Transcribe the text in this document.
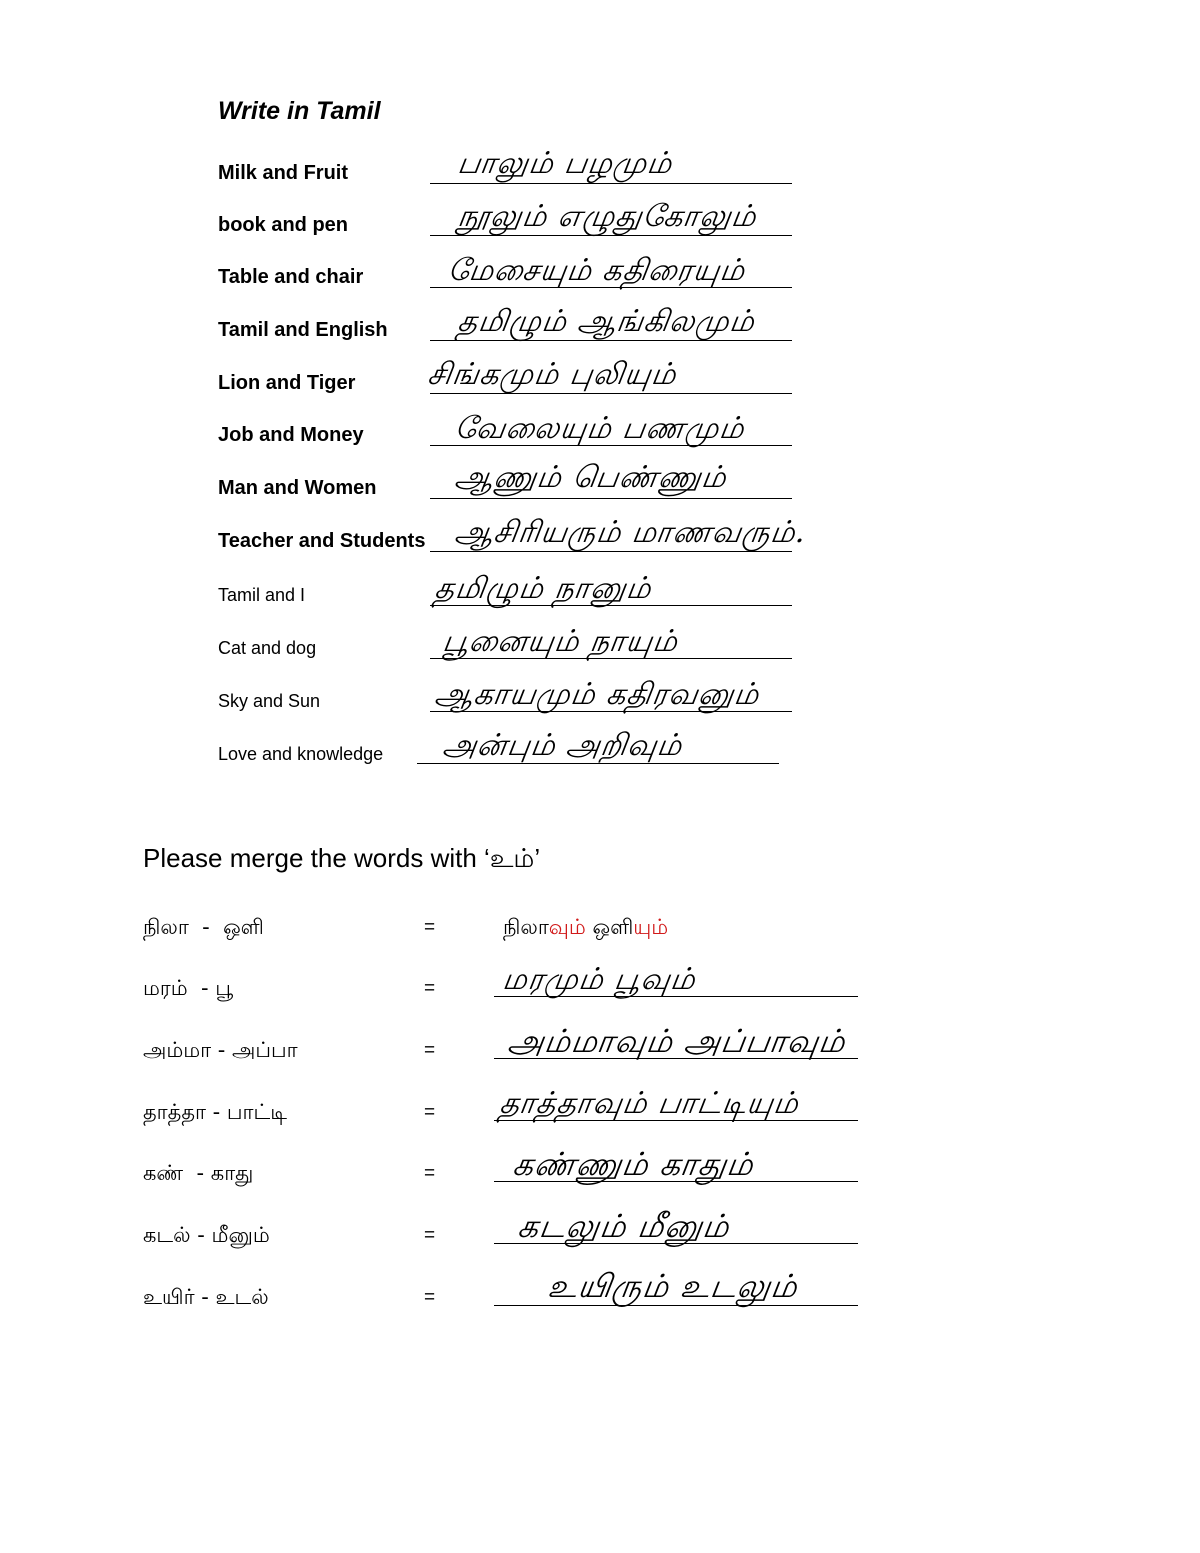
Write in Tamil
Milk and Fruit	பாலும் பழமும்
book and pen	நூலும் எழுதுகோலும்
Table and chair	மேசையும் கதிரையும்
Tamil and English தமிழும் ஆங்கிலமும்
Lion and Tiger சிங்கமும் புலியும்
Job and Money	வேலையும் பணமும்
Man and Women	ஆணும் பெண்ணும்
Teacher and Students ஆசிரியரும் மாணவரும்.
Tamil and I	தமிழும் நானும்
Cat and dog	பூனையும் நாயும்
Sky and Sun	ஆகாயமும் கதிரவனும்
Love and knowledge அன்பும் அறிவும்
Please merge the words with ‘உம்’
நிலா  -  ஒளி	=	நிலாவும் ஒளியும்
மரம்  - பூ	= மரமும் பூவும்
அம்மா - அப்பா	= அம்மாவும் அப்பாவும்
தாத்தா - பாட்டி	= தாத்தாவும் பாட்டியும்
கண்  - காது	= கண்ணும் காதும்
கடல் - மீனும்	=	கடலும் மீனும்
உயிர் - உடல்	=	உயிரும் உடலும்
